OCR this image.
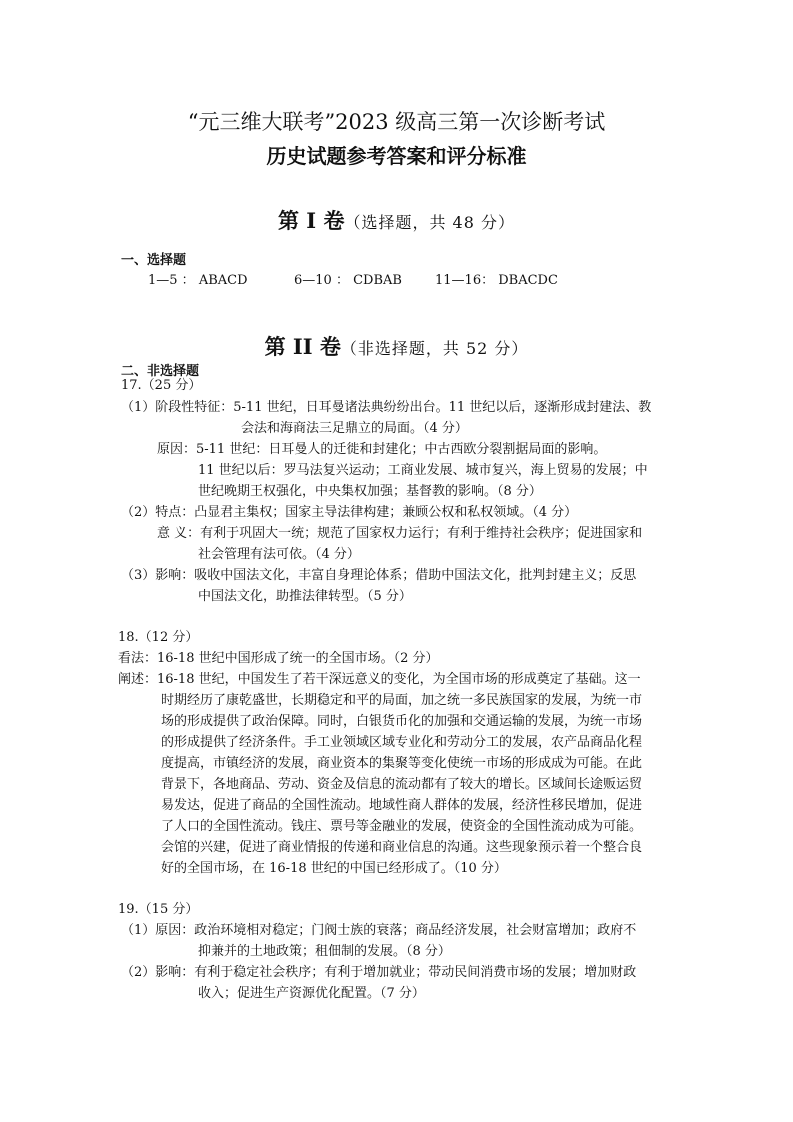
“元三维大联考”2023 级高三第一次诊断考试
历史试题参考答案和评分标准
第 I 卷（选择题，共 48 分）
一、选择题
1—5 ： ABACD	6—10 ： CDBAB	11—16： DBACDC
第 II 卷（非选择题，共 52 分）
二、非选择题
17.（25 分）
（1）阶段性特征：5-11 世纪，日耳曼诸法典纷纷出台。11 世纪以后，逐渐形成封建法、教
会法和海商法三足鼎立的局面。（4 分）
原因：5-11 世纪：日耳曼人的迁徙和封建化；中古西欧分裂割据局面的影响。
11 世纪以后：罗马法复兴运动；工商业发展、城市复兴，海上贸易的发展；中
世纪晚期王权强化，中央集权加强；基督教的影响。（8 分）
（2）特点：凸显君主集权；国家主导法律构建；兼顾公权和私权领域。（4 分）
意 义：有利于巩固大一统；规范了国家权力运行；有利于维持社会秩序；促进国家和
社会管理有法可依。（4 分）
（3）影响：吸收中国法文化，丰富自身理论体系；借助中国法文化，批判封建主义；反思
中国法文化，助推法律转型。（5 分）
18.（12 分）
看法：16-18 世纪中国形成了统一的全国市场。（2 分）
阐述：16-18 世纪，中国发生了若干深远意义的变化，为全国市场的形成奠定了基础。这一
时期经历了康乾盛世，长期稳定和平的局面，加之统一多民族国家的发展，为统一市
场的形成提供了政治保障。同时，白银货币化的加强和交通运输的发展，为统一市场
的形成提供了经济条件。手工业领域区域专业化和劳动分工的发展，农产品商品化程
度提高，市镇经济的发展，商业资本的集聚等变化使统一市场的形成成为可能。在此
背景下，各地商品、劳动、资金及信息的流动都有了较大的增长。区域间长途贩运贸
易发达，促进了商品的全国性流动。地域性商人群体的发展，经济性移民增加，促进
了人口的全国性流动。钱庄、票号等金融业的发展，使资金的全国性流动成为可能。
会馆的兴建，促进了商业情报的传递和商业信息的沟通。这些现象预示着一个整合良
好的全国市场，在 16-18 世纪的中国已经形成了。（10 分）
19.（15 分）
（1）原因：政治环境相对稳定；门阀士族的衰落；商品经济发展，社会财富增加；政府不
抑兼并的土地政策；租佃制的发展。（8 分）
（2）影响：有利于稳定社会秩序；有利于增加就业；带动民间消费市场的发展；增加财政
收入；促进生产资源优化配置。（7 分）
